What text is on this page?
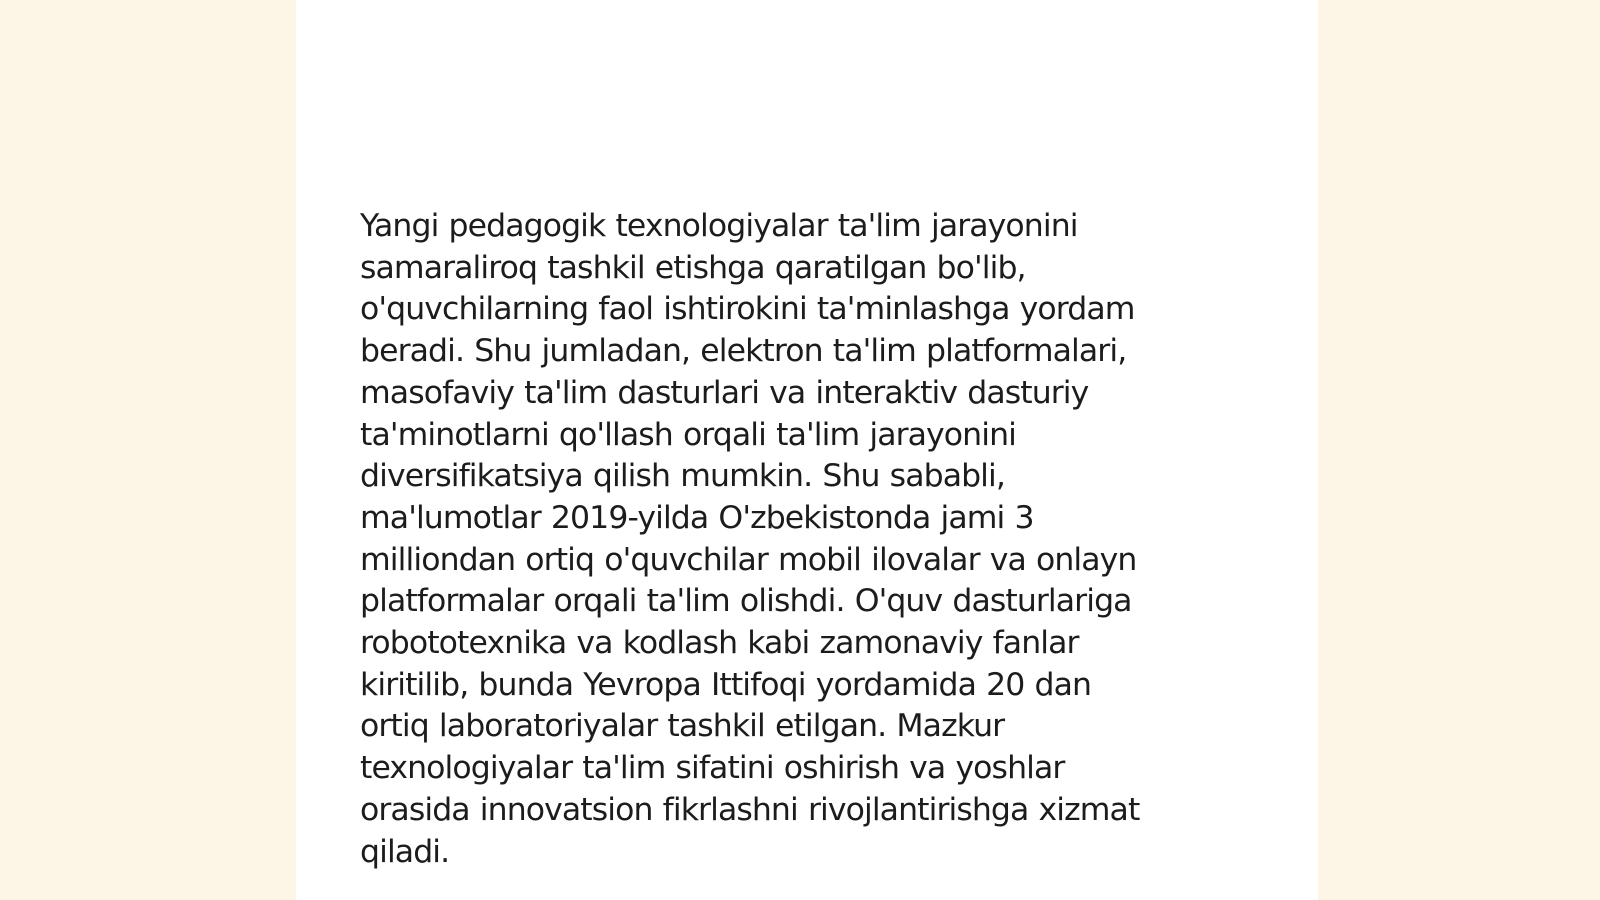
Yangi pedagogik texnologiyalar ta'lim jarayonini
samaraliroq tashkil etishga qaratilgan bo'lib,
o'quvchilarning faol ishtirokini ta'minlashga yordam
beradi. Shu jumladan, elektron ta'lim platformalari,
masofaviy ta'lim dasturlari va interaktiv dasturiy
ta'minotlarni qo'llash orqali ta'lim jarayonini
diversifikatsiya qilish mumkin. Shu sababli,
ma'lumotlar 2019-yilda O'zbekistonda jami 3
milliondan ortiq o'quvchilar mobil ilovalar va onlayn
platformalar orqali ta'lim olishdi. O'quv dasturlariga
robototexnika va kodlash kabi zamonaviy fanlar
kiritilib, bunda Yevropa Ittifoqi yordamida 20 dan
ortiq laboratoriyalar tashkil etilgan. Mazkur
texnologiyalar ta'lim sifatini oshirish va yoshlar
orasida innovatsion fikrlashni rivojlantirishga xizmat
qiladi.
